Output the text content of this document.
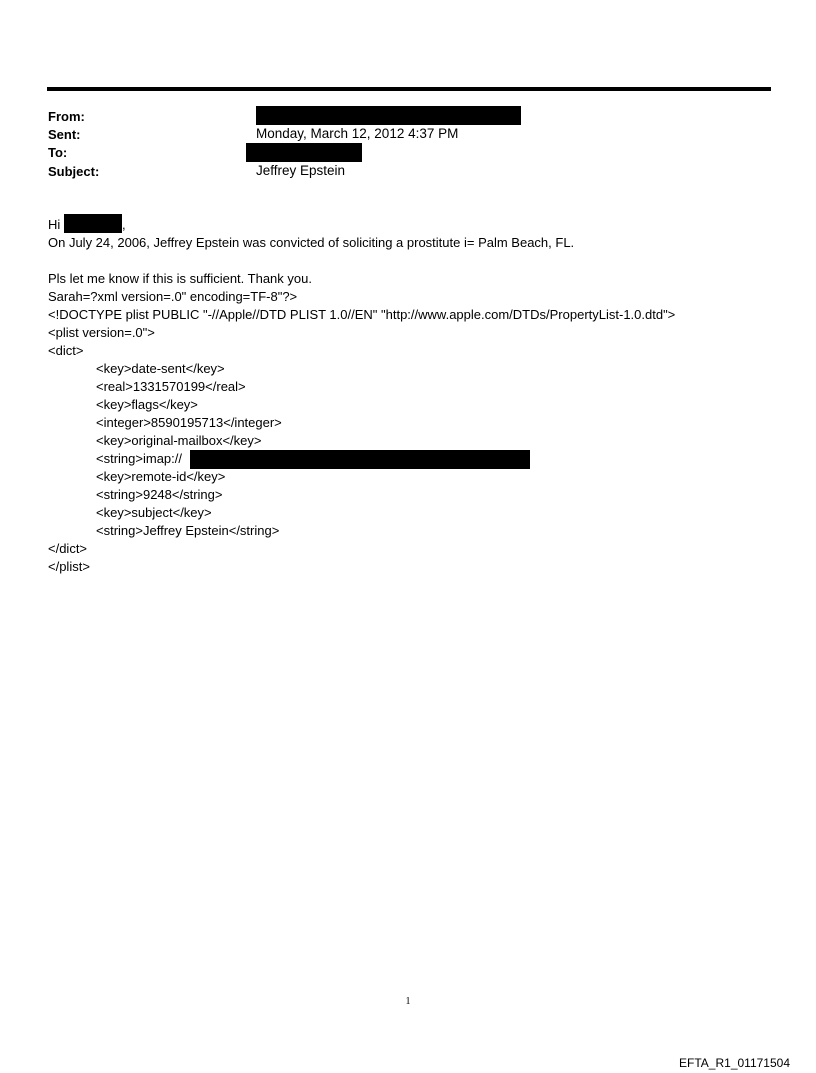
From:
Sent:	Monday, March 12, 2012 4:37 PM
To:
Subject:	Jeffrey Epstein
Hi	,
On July 24, 2006, Jeffrey Epstein was convicted of soliciting a prostitute i= Palm Beach, FL.
Pls let me know if this is sufficient. Thank you.
Sarah=?xml version=.0" encoding=TF-8"?>
<!DOCTYPE plist PUBLIC "-//Apple//DTD PLIST 1.0//EN" "http://www.apple.com/DTDs/PropertyList-1.0.dtd">
<plist version=.0">
<dict>
<key>date-sent</key>
<real>1331570199</real>
<key>flags</key>
<integer>8590195713</integer>
<key>original-mailbox</key>
<string>imap://
<key>remote-id</key>
<string>9248</string>
<key>subject</key>
<string>Jeffrey Epstein</string>
</dict>
</plist>
1
EFTA_R1_01171504
